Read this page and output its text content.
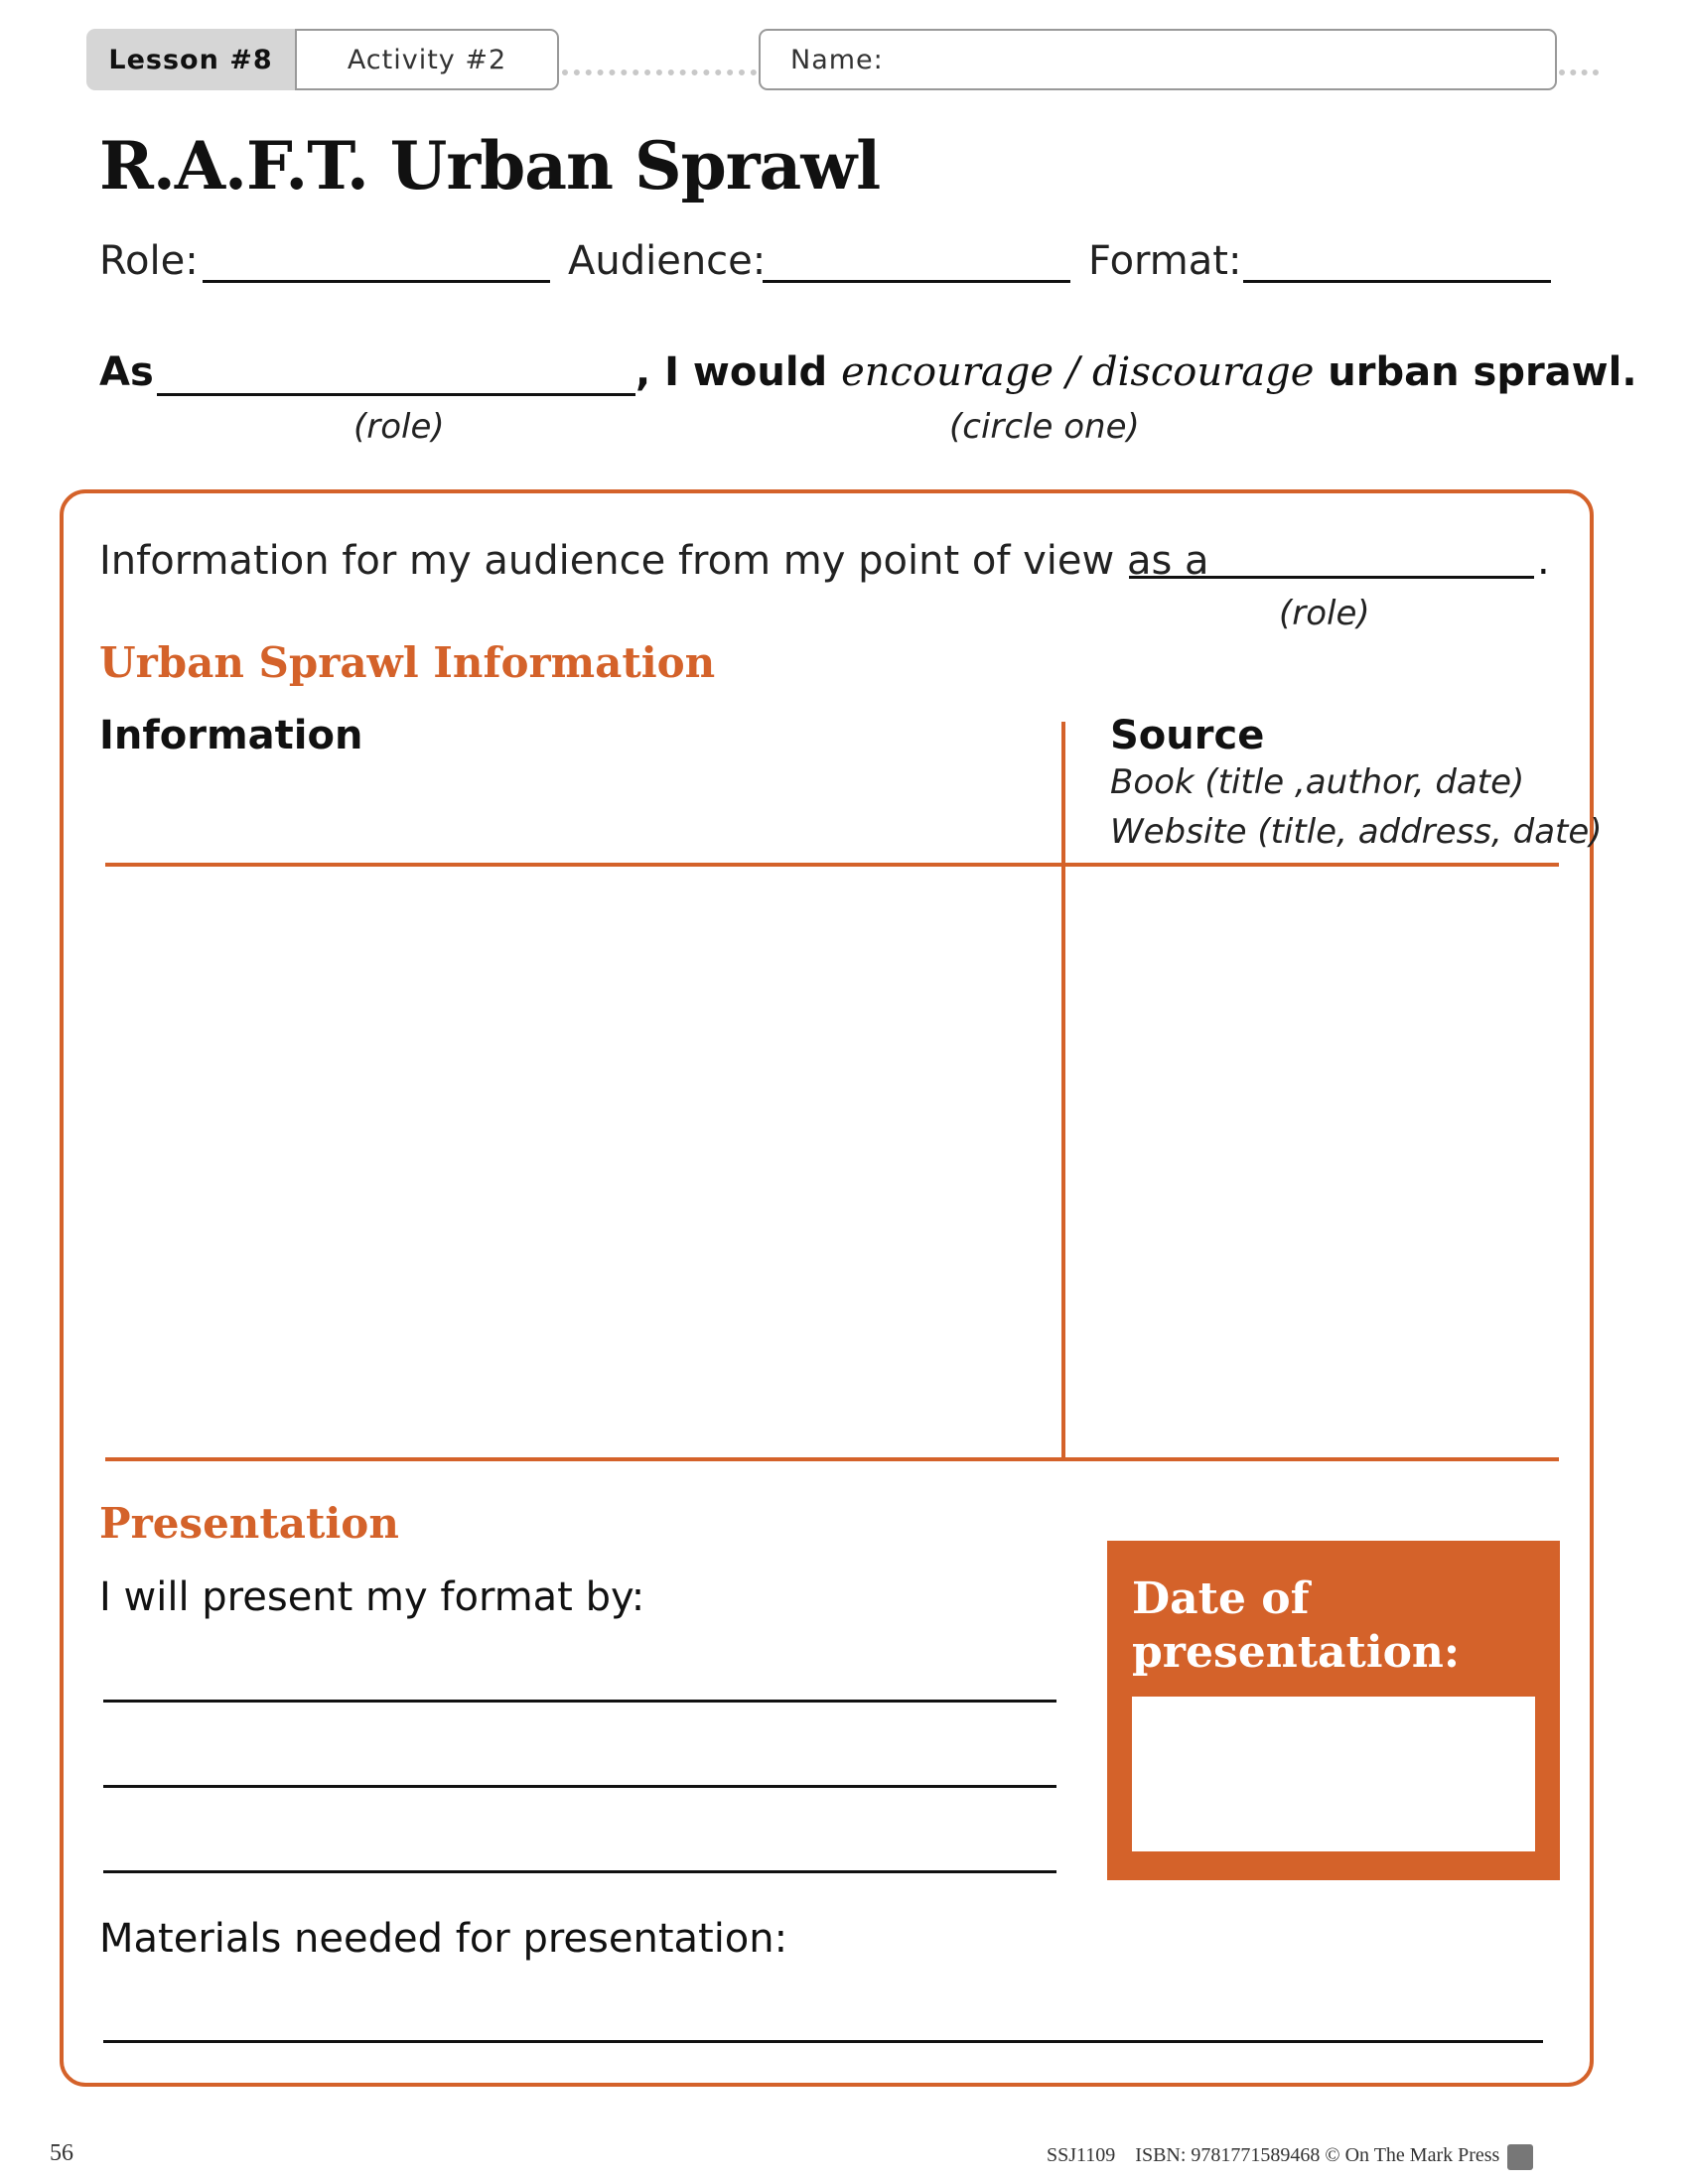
Lesson #8	Activity #2	Name:
R.A.F.T. Urban Sprawl
Role:	Audience:	Format:
As	, I would encourage / discourage urban sprawl.
(role)	(circle one)
Information for my audience from my point of view as a	.
(role)
Urban Sprawl Information
Information	Source
Book (title ,author, date)
Website (title, address, date)
Presentation
I will present my format by:	Date of presentation:
Materials needed for presentation:
56	SSJ1109    ISBN: 9781771589468 © On The Mark Press
